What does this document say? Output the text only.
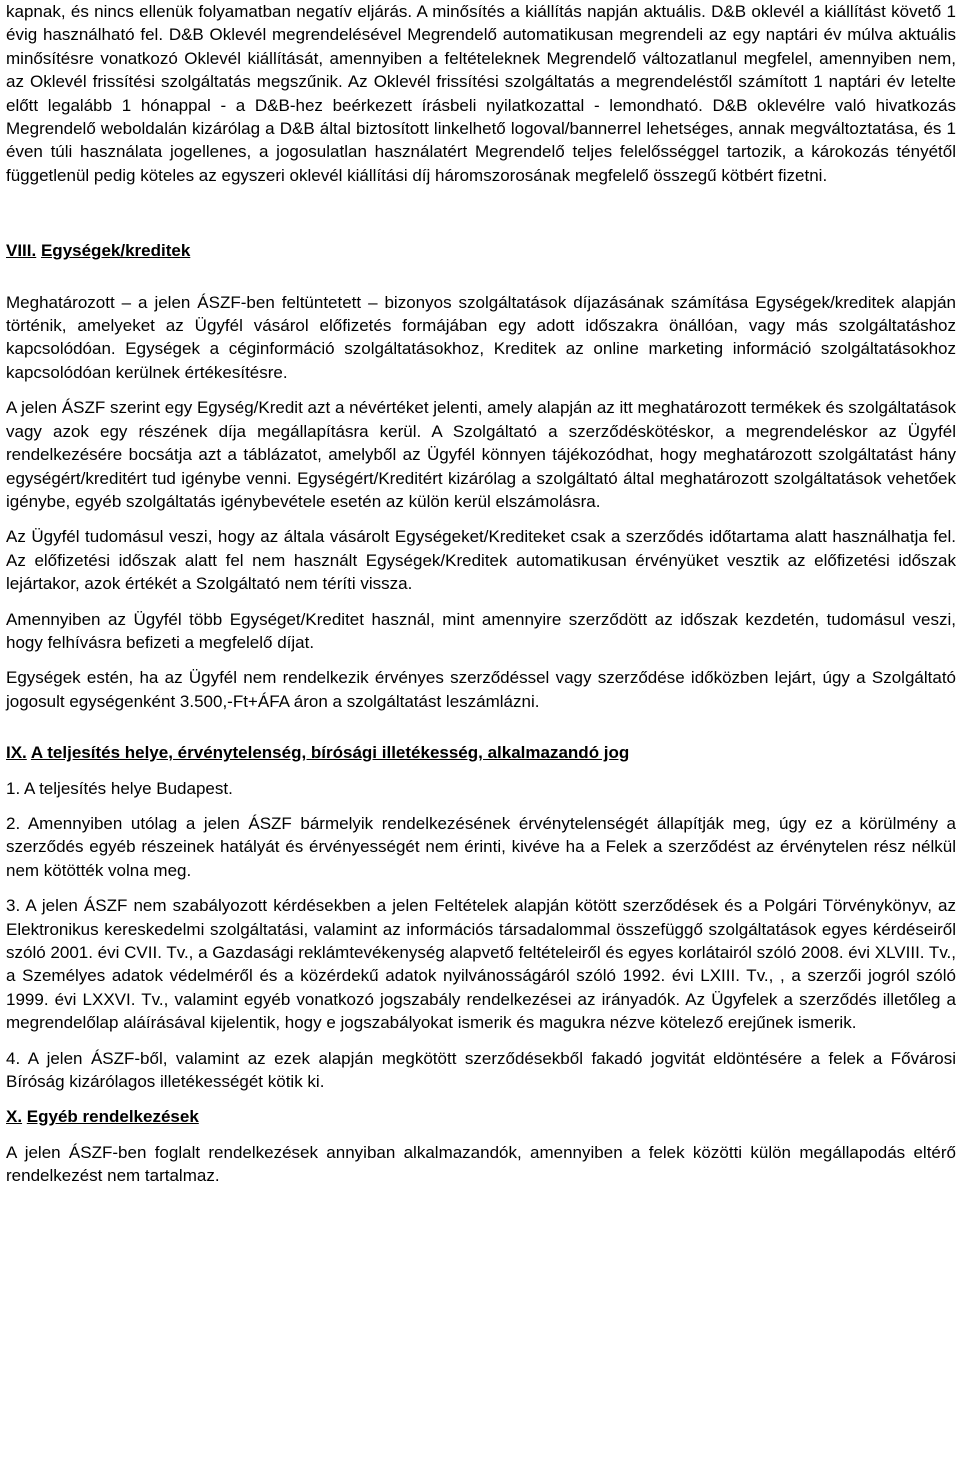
kapnak, és nincs ellenük folyamatban negatív eljárás. A minősítés a kiállítás napján aktuális. D&B oklevél a kiállítást követő 1 évig használható fel. D&B Oklevél megrendelésével Megrendelő automatikusan megrendeli az egy naptári év múlva aktuális minősítésre vonatkozó Oklevél kiállítását, amennyiben a feltételeknek Megrendelő változatlanul megfelel, amennyiben nem, az Oklevél frissítési szolgáltatás megszűnik. Az Oklevél frissítési szolgáltatás a megrendeléstől számított 1 naptári év letelte előtt legalább 1 hónappal - a D&B-hez beérkezett írásbeli nyilatkozattal - lemondható. D&B oklevélre való hivatkozás Megrendelő weboldalán kizárólag a D&B által biztosított linkelhető logoval/bannerrel lehetséges, annak megváltoztatása, és 1 éven túli használata jogellenes, a jogosulatlan használatért Megrendelő teljes felelősséggel tartozik, a károkozás tényétől függetlenül pedig köteles az egyszeri oklevél kiállítási díj háromszorosának megfelelő összegű kötbért fizetni.

VIII. Egységek/kreditek

Meghatározott – a jelen ÁSZF-ben feltüntetett – bizonyos szolgáltatások díjazásának számítása Egységek/kreditek alapján történik, amelyeket az Ügyfél vásárol előfizetés formájában egy adott időszakra önállóan, vagy más szolgáltatáshoz kapcsolódóan. Egységek a céginformáció szolgáltatásokhoz, Kreditek az online marketing információ szolgáltatásokhoz kapcsolódóan kerülnek értékesítésre.

A jelen ÁSZF szerint egy Egység/Kredit azt a névértéket jelenti, amely alapján az itt meghatározott termékek és szolgáltatások vagy azok egy részének díja megállapításra kerül. A Szolgáltató a szerződéskötéskor, a megrendeléskor az Ügyfél rendelkezésére bocsátja azt a táblázatot, amelyből az Ügyfél könnyen tájékozódhat, hogy meghatározott szolgáltatást hány egységért/kreditért tud igénybe venni. Egységért/Kreditért kizárólag a szolgáltató által meghatározott szolgáltatások vehetőek igénybe, egyéb szolgáltatás igénybevétele esetén az külön kerül elszámolásra.

Az Ügyfél tudomásul veszi, hogy az általa vásárolt Egységeket/Krediteket csak a szerződés időtartama alatt használhatja fel. Az előfizetési időszak alatt fel nem használt Egységek/Kreditek automatikusan érvényüket vesztik az előfizetési időszak lejártakor, azok értékét a Szolgáltató nem téríti vissza.

Amennyiben az Ügyfél több Egységet/Kreditet használ, mint amennyire szerződött az időszak kezdetén, tudomásul veszi, hogy felhívásra befizeti a megfelelő díjat.

Egységek estén, ha az Ügyfél nem rendelkezik érvényes szerződéssel vagy szerződése időközben lejárt, úgy a Szolgáltató jogosult egységenként 3.500,-Ft+ÁFA áron a szolgáltatást leszámlázni.

IX. A teljesítés helye, érvénytelenség, bírósági illetékesség, alkalmazandó jog

1. A teljesítés helye Budapest.

2. Amennyiben utólag a jelen ÁSZF bármelyik rendelkezésének érvénytelenségét állapítják meg, úgy ez a körülmény a szerződés egyéb részeinek hatályát és érvényességét nem érinti, kivéve ha a Felek a szerződést az érvénytelen rész nélkül nem kötötték volna meg.

3. A jelen ÁSZF nem szabályozott kérdésekben a jelen Feltételek alapján kötött szerződések és a Polgári Törvénykönyv, az Elektronikus kereskedelmi szolgáltatási, valamint az információs társadalommal összefüggő szolgáltatások egyes kérdéseiről szóló 2001. évi CVII. Tv., a Gazdasági reklámtevékenység alapvető feltételeiről és egyes korlátairól szóló 2008. évi XLVIII. Tv., a Személyes adatok védelméről és a közérdekű adatok nyilvánosságáról szóló 1992. évi LXIII. Tv., , a szerzői jogról szóló 1999. évi LXXVI. Tv., valamint egyéb vonatkozó jogszabály rendelkezései az irányadók. Az Ügyfelek a szerződés illetőleg a megrendelőlap aláírásával kijelentik, hogy e jogszabályokat ismerik és magukra nézve kötelező erejűnek ismerik.

4. A jelen ÁSZF-ből, valamint az ezek alapján megkötött szerződésekből fakadó jogvitát eldöntésére a felek a Fővárosi Bíróság kizárólagos illetékességét kötik ki.

X. Egyéb rendelkezések

A jelen ÁSZF-ben foglalt rendelkezések annyiban alkalmazandók, amennyiben a felek közötti külön megállapodás eltérő rendelkezést nem tartalmaz.
